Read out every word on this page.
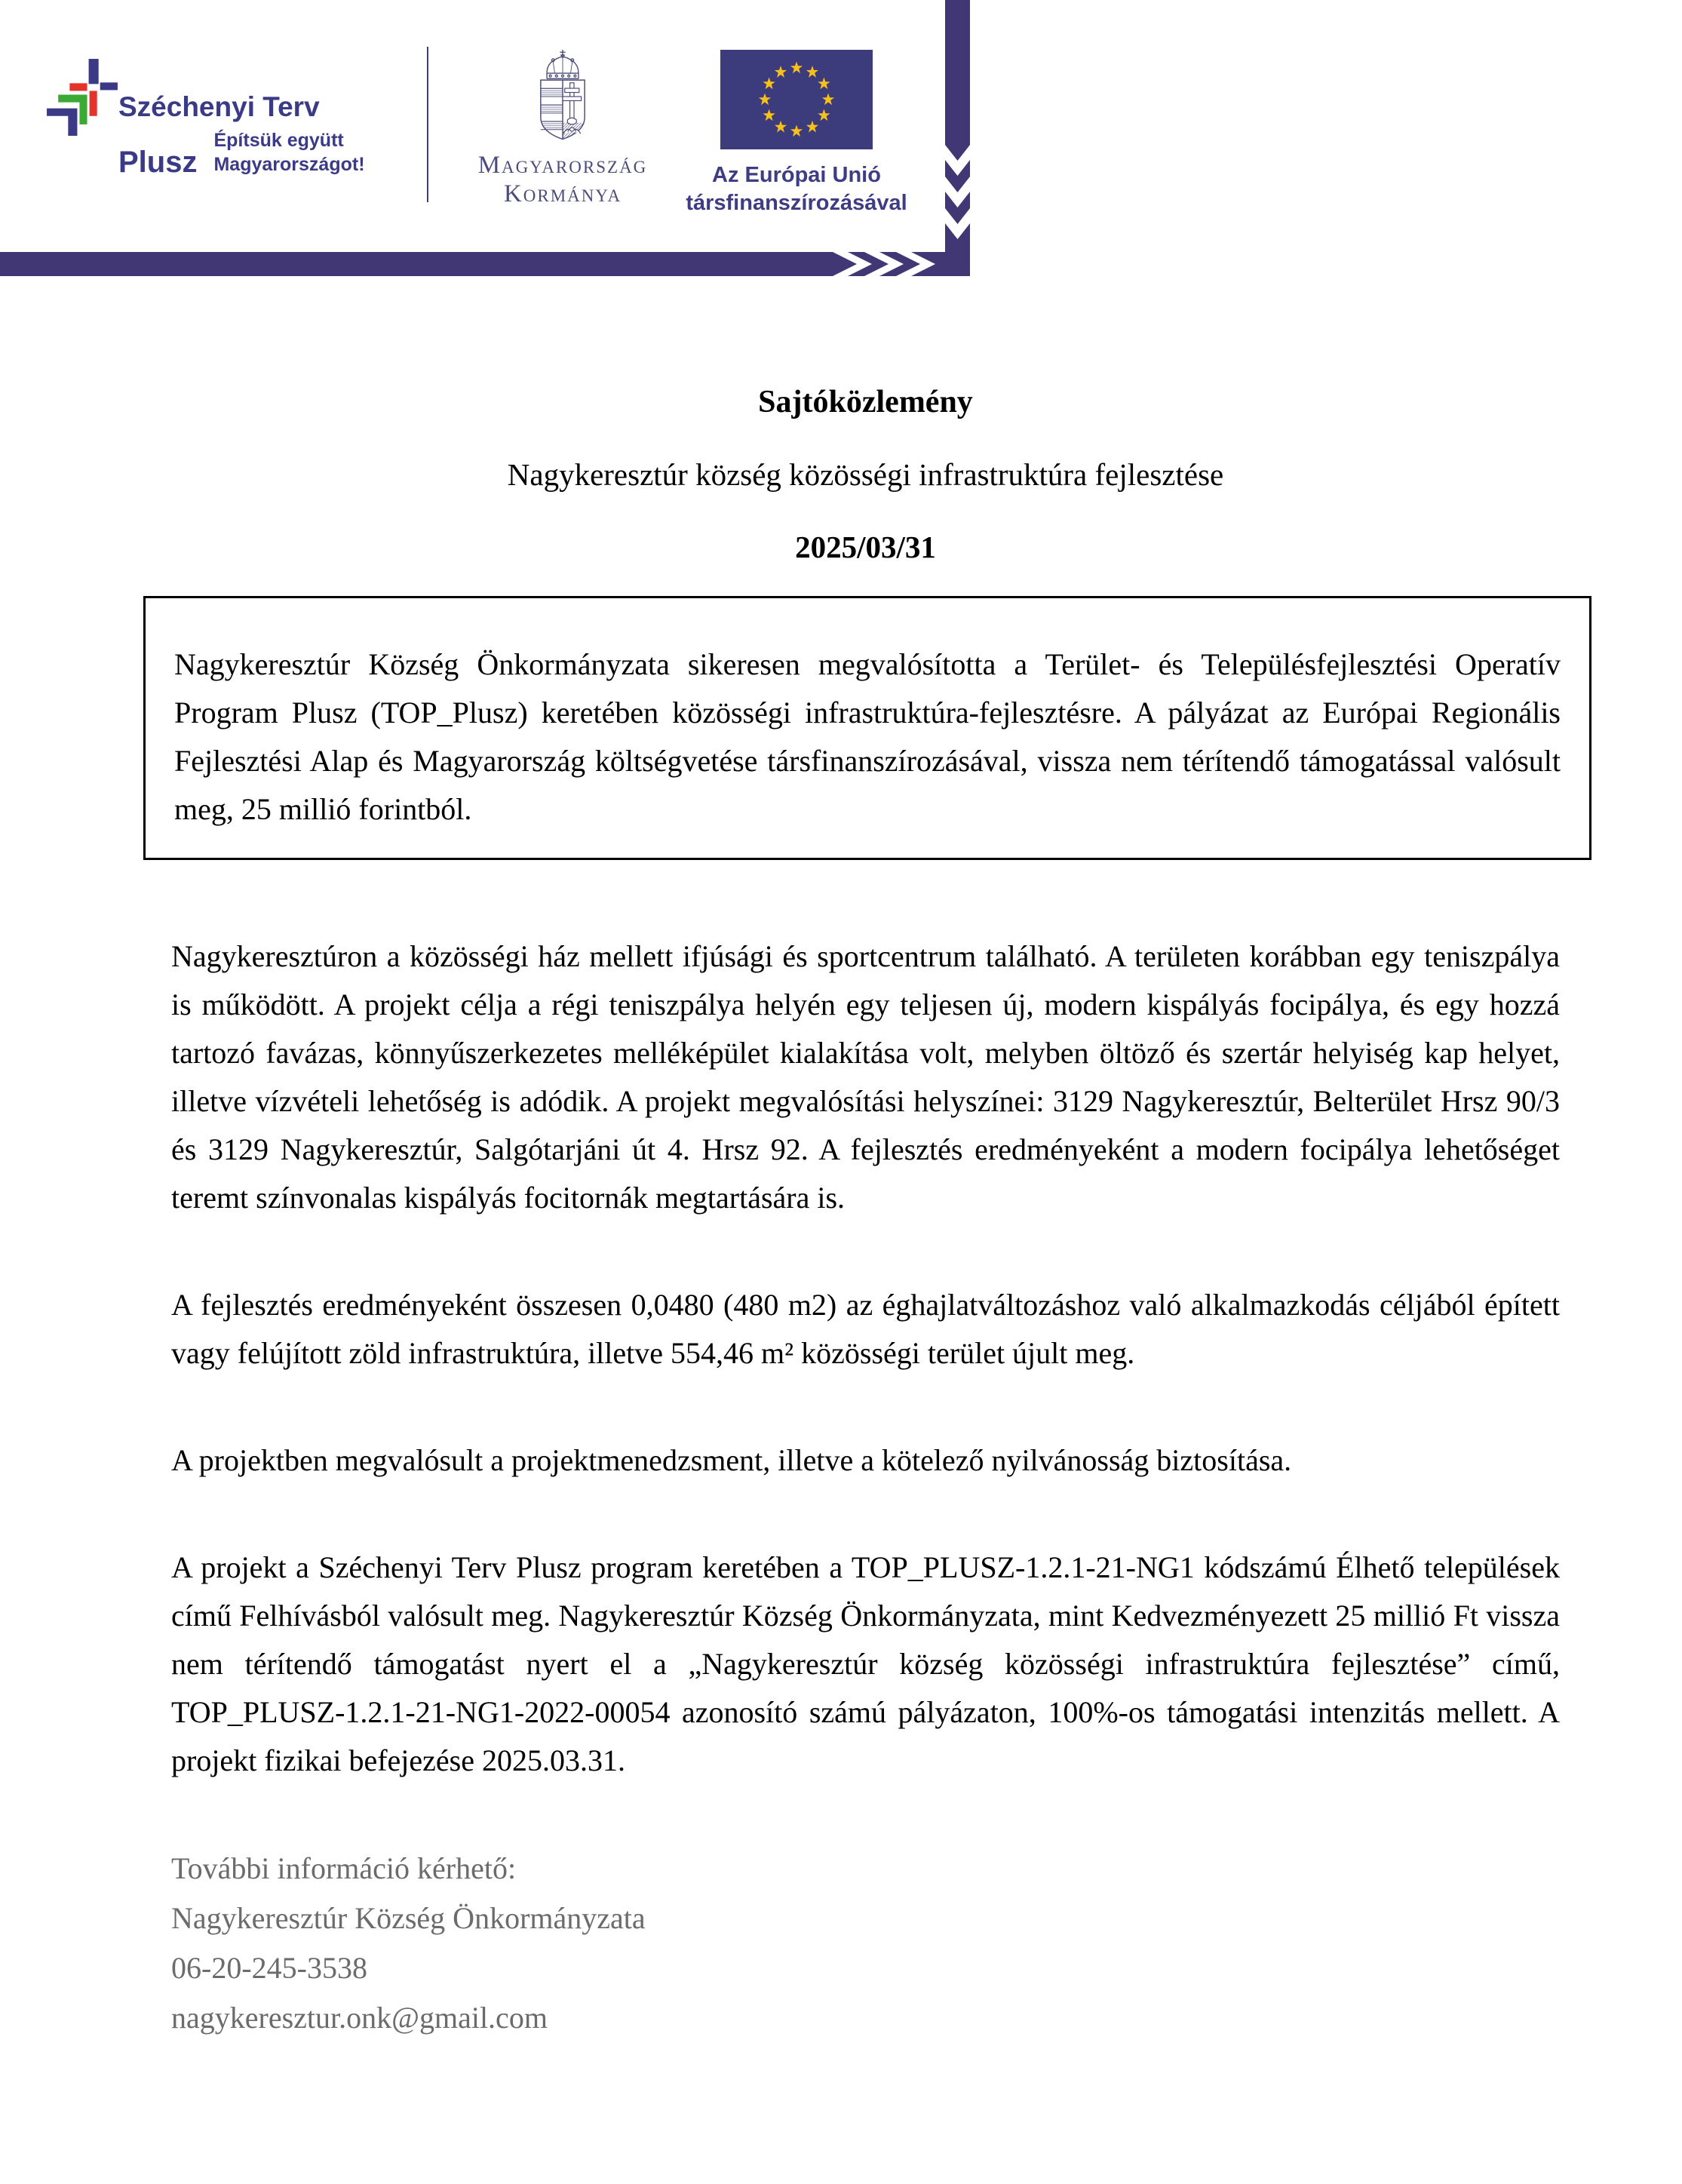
Széchenyi Terv
Plusz
Építsük együtt
Magyarországot!	Magyarország
Kormánya
Az Európai Unió
társfinanszírozásával
Sajtóközlemény
Nagykeresztúr község közösségi infrastruktúra fejlesztése
2025/03/31
Nagykeresztúr Község Önkormányzata sikeresen megvalósította a Terület- és Településfejlesztési Operatív Program Plusz (TOP_Plusz) keretében közösségi infrastruktúra-fejlesztésre. A pályázat az Európai Regionális Fejlesztési Alap és Magyarország költségvetése társfinanszírozásával, vissza nem térítendő támogatással valósult meg, 25 millió forintból.

Nagykeresztúron a közösségi ház mellett ifjúsági és sportcentrum található. A területen korábban egy teniszpálya is működött. A projekt célja a régi teniszpálya helyén egy teljesen új, modern kispályás focipálya, és egy hozzá tartozó favázas, könnyűszerkezetes melléképület kialakítása volt, melyben öltöző és szertár helyiség kap helyet, illetve vízvételi lehetőség is adódik. A projekt megvalósítási helyszínei: 3129 Nagykeresztúr, Belterület Hrsz 90/3 és 3129 Nagykeresztúr, Salgótarjáni út 4. Hrsz 92. A fejlesztés eredményeként a modern focipálya lehetőséget teremt színvonalas kispályás focitornák megtartására is.

A fejlesztés eredményeként összesen 0,0480 (480 m2) az éghajlatváltozáshoz való alkalmazkodás céljából épített vagy felújított zöld infrastruktúra, illetve 554,46 m² közösségi terület újult meg.

A projektben megvalósult a projektmenedzsment, illetve a kötelező nyilvánosság biztosítása.

A projekt a Széchenyi Terv Plusz program keretében a TOP_PLUSZ-1.2.1-21-NG1 kódszámú Élhető települések című Felhívásból valósult meg. Nagykeresztúr Község Önkormányzata, mint Kedvezményezett 25 millió Ft vissza nem térítendő támogatást nyert el a „Nagykeresztúr község közösségi infrastruktúra fejlesztése” című, TOP_PLUSZ-1.2.1-21-NG1-2022-00054 azonosító számú pályázaton, 100%-os támogatási intenzitás mellett. A projekt fizikai befejezése 2025.03.31.

További információ kérhető:

Nagykeresztúr Község Önkormányzata

06-20-245-3538

nagykeresztur.onk@gmail.com
